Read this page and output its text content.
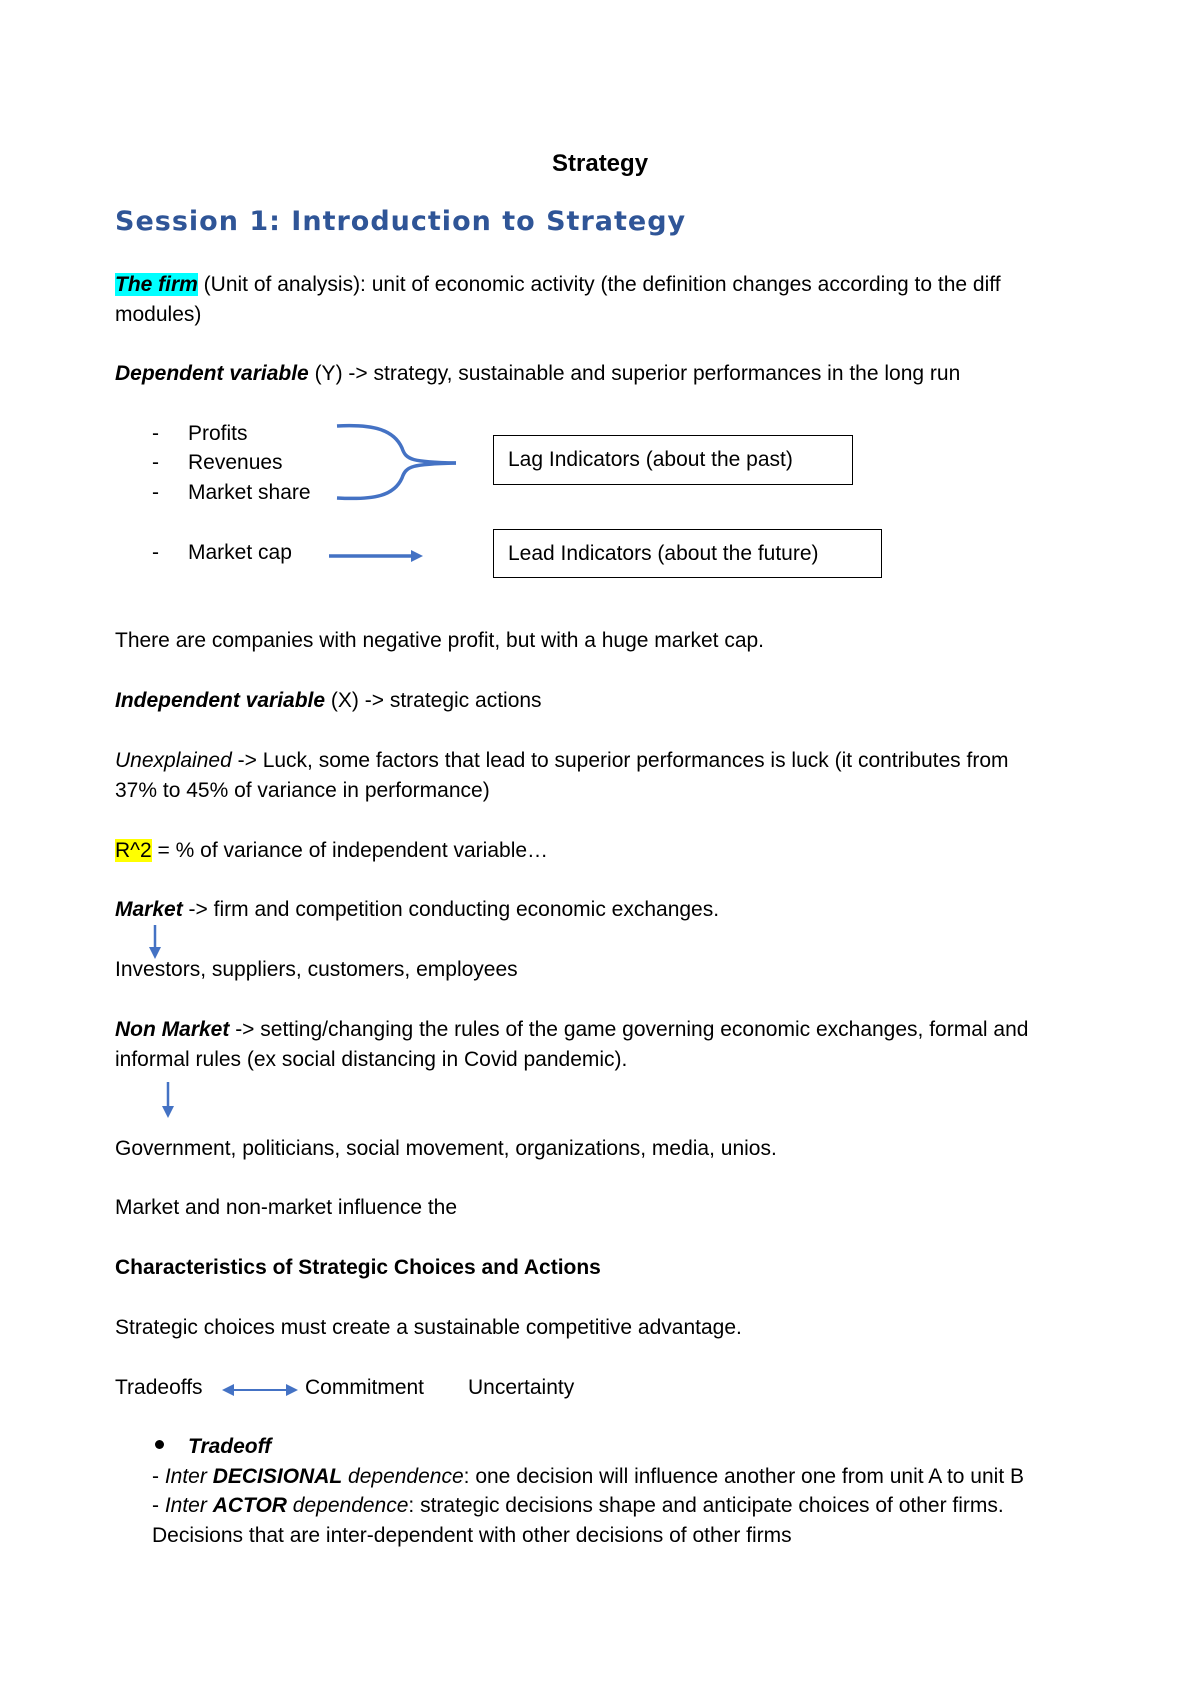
Strategy
Session 1: Introduction to Strategy
The firm (Unit of analysis): unit of economic activity (the definition changes according to the diff
modules)
Dependent variable (Y) -> strategy, sustainable and superior performances in the long run
- Profits
- Revenues
- Market share
- Market cap
Lag Indicators (about the past)
Lead Indicators (about the future)
There are companies with negative profit, but with a huge market cap.
Independent variable (X) -> strategic actions
Unexplained -> Luck, some factors that lead to superior performances is luck (it contributes from
37% to 45% of variance in performance)
R^2 = % of variance of independent variable…
Market -> firm and competition conducting economic exchanges.
Investors, suppliers, customers, employees
Non Market -> setting/changing the rules of the game governing economic exchanges, formal and
informal rules (ex social distancing in Covid pandemic).
Government, politicians, social movement, organizations, media, unios.
Market and non-market influence the
Characteristics of Strategic Choices and Actions
Strategic choices must create a sustainable competitive advantage.
Tradeoffs	Commitment Uncertainty
Tradeoff
- Inter DECISIONAL dependence: one decision will influence another one from unit A to unit B
- Inter ACTOR dependence: strategic decisions shape and anticipate choices of other firms.
Decisions that are inter-dependent with other decisions of other firms
